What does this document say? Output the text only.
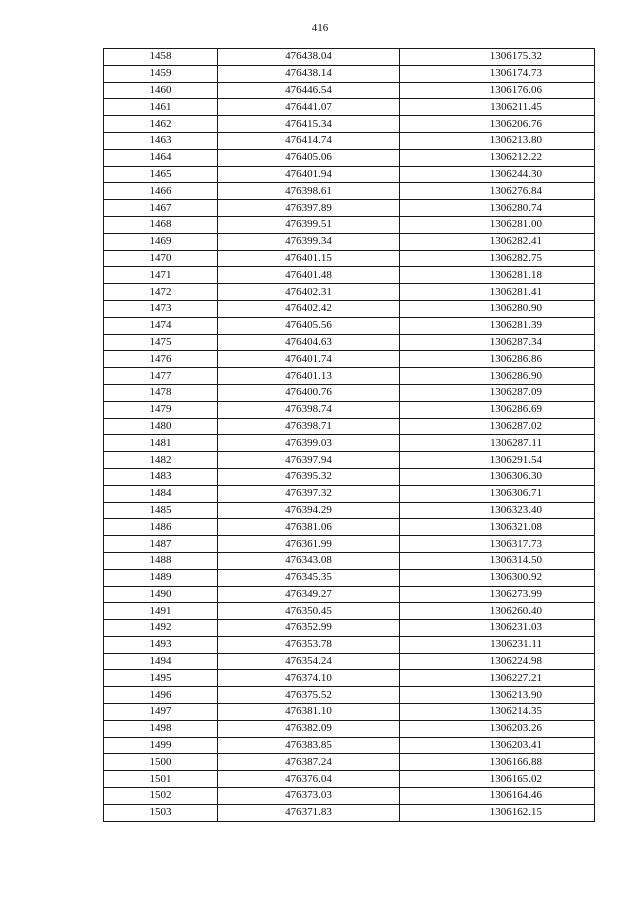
416
1458	476438.04	1306175.32
1459	476438.14	1306174.73
1460	476446.54	1306176.06
1461	476441.07	1306211.45
1462	476415.34	1306206.76
1463	476414.74	1306213.80
1464	476405.06	1306212.22
1465	476401.94	1306244.30
1466	476398.61	1306276.84
1467	476397.89	1306280.74
1468	476399.51	1306281.00
1469	476399.34	1306282.41
1470	476401.15	1306282.75
1471	476401.48	1306281.18
1472	476402.31	1306281.41
1473	476402.42	1306280.90
1474	476405.56	1306281.39
1475	476404.63	1306287.34
1476	476401.74	1306286.86
1477	476401.13	1306286.90
1478	476400.76	1306287.09
1479	476398.74	1306286.69
1480	476398.71	1306287.02
1481	476399.03	1306287.11
1482	476397.94	1306291.54
1483	476395.32	1306306.30
1484	476397.32	1306306.71
1485	476394.29	1306323.40
1486	476381.06	1306321.08
1487	476361.99	1306317.73
1488	476343.08	1306314.50
1489	476345.35	1306300.92
1490	476349.27	1306273.99
1491	476350.45	1306260.40
1492	476352.99	1306231.03
1493	476353.78	1306231.11
1494	476354.24	1306224.98
1495	476374.10	1306227.21
1496	476375.52	1306213.90
1497	476381.10	1306214.35
1498	476382.09	1306203.26
1499	476383.85	1306203.41
1500	476387.24	1306166.88
1501	476376.04	1306165.02
1502	476373.03	1306164.46
1503	476371.83	1306162.15
